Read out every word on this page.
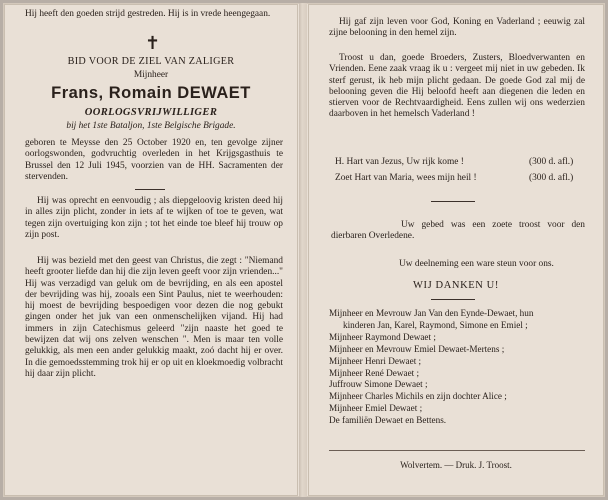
Hij heeft den goeden strijd gestreden. Hij is in vrede heengegaan.
✝
BID VOOR DE ZIEL VAN ZALIGER
Mijnheer
Frans, Romain DEWAET
OORLOGSVRIJWILLIGER
bij het 1ste Bataljon, 1ste Belgische Brigade.
geboren te Meysse den 25 October 1920 en, ten gevolge zijner oorlogswonden, godvruchtig overleden in het Krijgsgasthuis te Brussel den 12 Juli 1945, voorzien van de HH. Sacramenten der stervenden.
Hij was oprecht en eenvoudig ; als diepgeloovig kristen deed hij in alles zijn plicht, zonder in iets af te wijken of toe te geven, wat tegen zijn overtuiging kon zijn ; tot het einde toe bleef hij trouw op zijn post.
Hij was bezield met den geest van Christus, die zegt : "Niemand heeft grooter liefde dan hij die zijn leven geeft voor zijn vrienden..." Hij was verzadigd van geluk om de bevrijding, en als een apostel der bevrijding was hij, zooals een Sint Paulus, niet te weerhouden: hij moest de bevrijding bespoedigen voor dezen die nog gebukt gingen onder het juk van een onmenschelijken vijand. Hij had immers in zijn Catechismus geleerd "zijn naaste het goed te bewijzen dat wij ons zelven wenschen ". Men is maar ten volle gelukkig, als men een ander gelukkig maakt, zoó dacht hij er over. In die gemoedsstemming trok hij er op uit en kloekmoedig volbracht hij daar zijn plicht.
Hij gaf zijn leven voor God, Koning en Vaderland ; eeuwig zal zijne belooning in den hemel zijn.
Troost u dan, goede Broeders, Zusters, Bloedverwanten en Vrienden. Eene zaak vraag ik u : vergeet mij niet in uw gebeden. Ik sterf gerust, ik heb mijn plicht gedaan. De goede God zal mij de belooning geven die Hij beloofd heeft aan diegenen die leden en stierven voor de Rechtvaardigheid. Eens zullen wij ons wederzien daarboven in het hemelsch Vaderland !
H. Hart van Jezus, Uw rijk kome !	(300 d. afl.)
Zoet Hart van Maria, wees mijn heil !	(300 d. afl.)
Uw gebed was een zoete troost voor den dierbaren Overledene.
Uw deelneming een ware steun voor ons.
WIJ DANKEN U!
Mijnheer en Mevrouw Jan Van den Eynde-Dewaet, hun
kinderen Jan, Karel, Raymond, Simone en Emiel ;
Mijnheer Raymond Dewaet ;
Mijnheer en Mevrouw Emiel Dewaet-Mertens ;
Mijnheer Henri Dewaet ;
Mijnheer René Dewaet ;
Juffrouw Simone Dewaet ;
Mijnheer Charles Michils en zijn dochter Alice ;
Mijnheer Emiel Dewaet ;
De familiën Dewaet en Bettens.
Wolvertem. — Druk. J. Troost.
